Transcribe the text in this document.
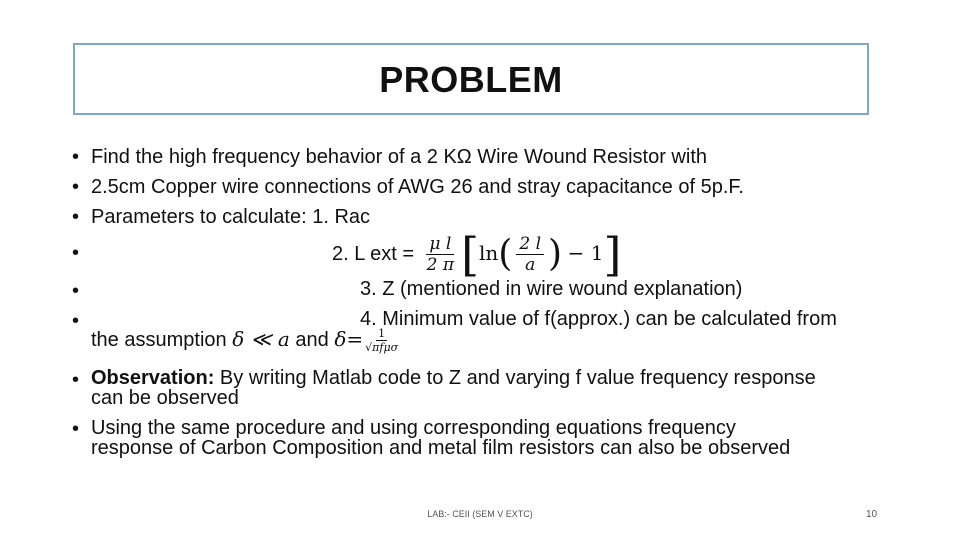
PROBLEM
• Find the high frequency behavior of a 2 KΩ Wire Wound Resistor with
• 2.5cm Copper wire connections of AWG 26 and stray capacitance of 5p.F.
• Parameters to calculate: 1. Rac
•	2. L ext = $\frac{\text{μ l}}{2 \pi} [\ln( \frac{2 l}{a}$ ) − 1]
•	3. Z (mentioned in wire wound explanation)
•	4. Minimum value of f(approx.) can be calculated from
the assumption δ ≪ a and $\delta= \frac{1}{\text{√πfμσ}}$
• Observation: By writing Matlab code to Z and varying f value frequency response
can be observed
• Using the same procedure and using corresponding equations frequency
response of Carbon Composition and metal film resistors can also be observed
LAB:- CEII (SEM V EXTC)	10
